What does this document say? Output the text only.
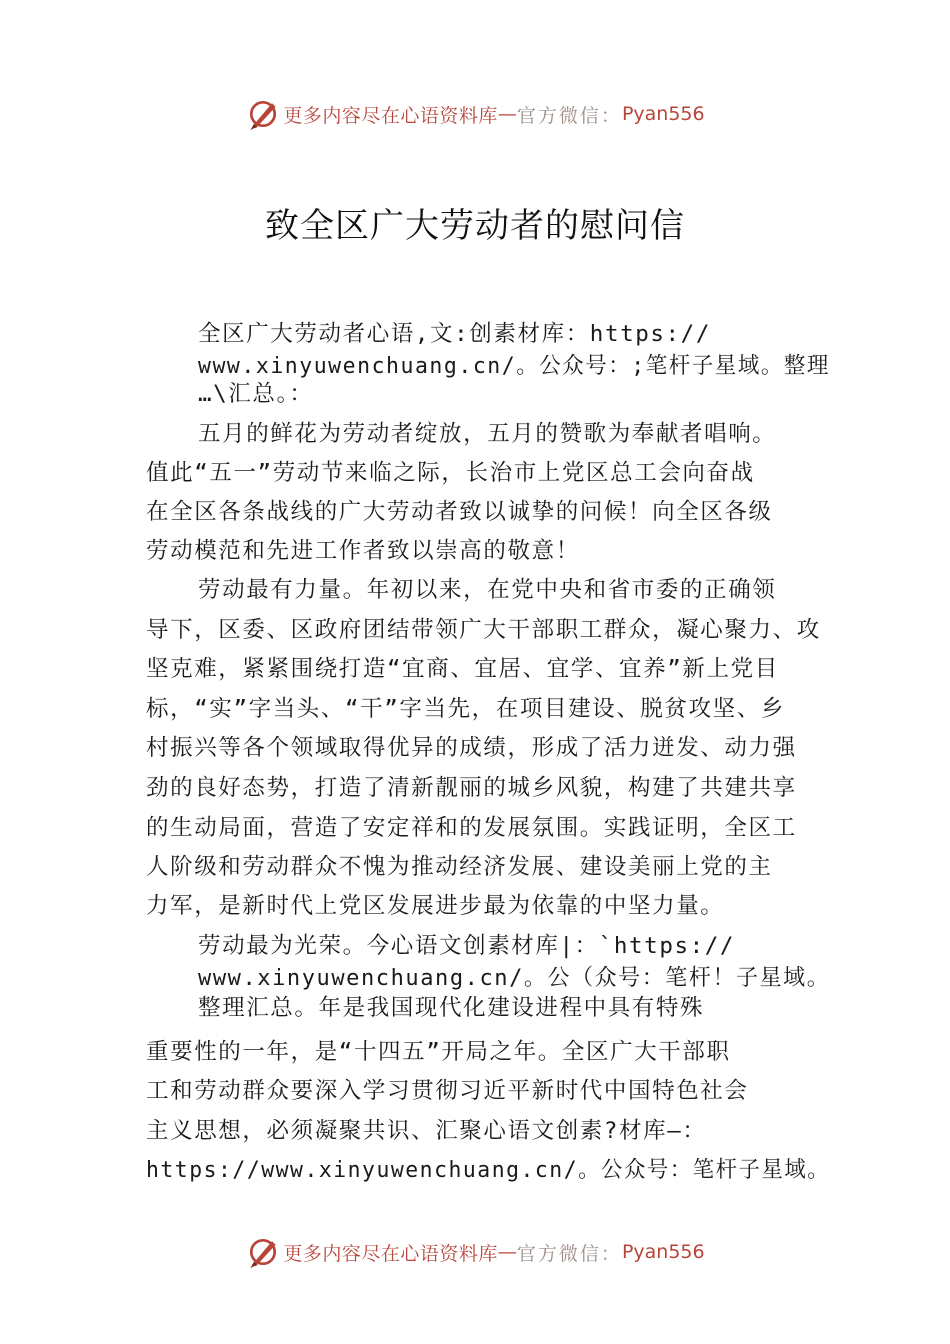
更多内容尽在心语资料库 — 官方微信： Pyan556
致全区广大劳动者的慰问信

全区广大劳动者心语,文:创素材库：https://

www.xinyuwenchuang.cn/。公众号：;笔杆子星域。整理

…\汇总。：

五月的鲜花为劳动者绽放，五月的赞歌为奉献者唱响。

值此“五一”劳动节来临之际，长治市上党区总工会向奋战

在全区各条战线的广大劳动者致以诚挚的问候！向全区各级

劳动模范和先进工作者致以崇高的敬意！

劳动最有力量。年初以来，在党中央和省市委的正确领

导下，区委、区政府团结带领广大干部职工群众，凝心聚力、攻

坚克难，紧紧围绕打造“宜商、宜居、宜学、宜养”新上党目

标，“实”字当头、“干”字当先，在项目建设、脱贫攻坚、乡

村振兴等各个领域取得优异的成绩，形成了活力迸发、动力强

劲的良好态势，打造了清新靓丽的城乡风貌，构建了共建共享

的生动局面，营造了安定祥和的发展氛围。实践证明，全区工

人阶级和劳动群众不愧为推动经济发展、建设美丽上党的主

力军，是新时代上党区发展进步最为依靠的中坚力量。

劳动最为光荣。今心语文创素材库|：`https://

www.xinyuwenchuang.cn/。公（众号：笔杆！子星域。

整理汇总。年是我国现代化建设进程中具有特殊

重要性的一年，是“十四五”开局之年。全区广大干部职

工和劳动群众要深入学习贯彻习近平新时代中国特色社会

主义思想，必须凝聚共识、汇聚心语文创素?材库—：

https://www.xinyuwenchuang.cn/。公众号：笔杆子星域。

更多内容尽在心语资料库 — 官方微信： Pyan556
